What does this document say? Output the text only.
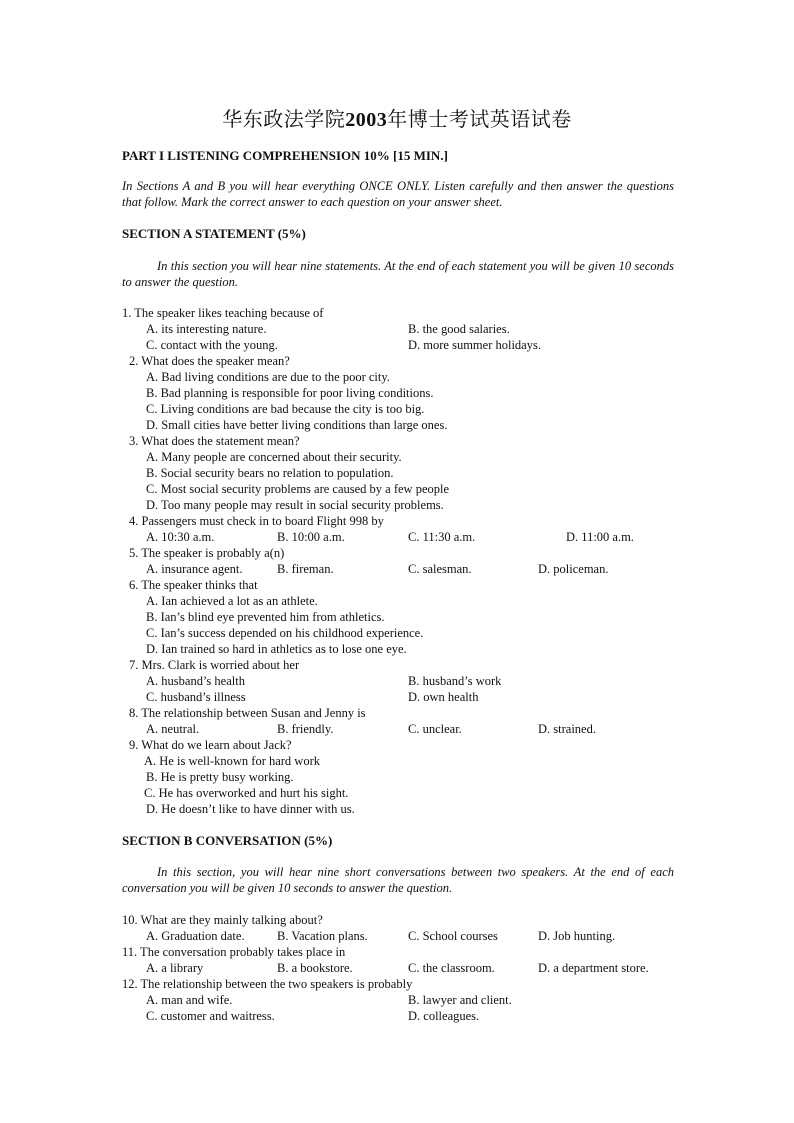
华东政法学院2003年博士考试英语试卷
PART I LISTENING COMPREHENSION 10% [15 MIN.]
In Sections A and B you will hear everything ONCE ONLY. Listen carefully and then answer the questions that follow. Mark the correct answer to each question on your answer sheet.
SECTION A STATEMENT (5%)
In this section you will hear nine statements. At the end of each statement you will be given 10 seconds to answer the question.
1. The speaker likes teaching because of
A. its interesting nature.	B. the good salaries.
C. contact with the young.	D. more summer holidays.
2. What does the speaker mean?
A. Bad living conditions are due to the poor city.
B. Bad planning is responsible for poor living conditions.
C. Living conditions are bad because the city is too big.
D. Small cities have better living conditions than large ones.
3. What does the statement mean?
A. Many people are concerned about their security.
B. Social security bears no relation to population.
C. Most social security problems are caused by a few people
D. Too many people may result in social security problems.
4. Passengers must check in to board Flight 998 by
A. 10:30 a.m.	B. 10:00 a.m.	C. 11:30 a.m.	D. 11:00 a.m.
5. The speaker is probably a(n)
A. insurance agent.	B. fireman.	C. salesman.	D. policeman.
6. The speaker thinks that
A. Ian achieved a lot as an athlete.
B. Ian’s blind eye prevented him from athletics.
C. Ian’s success depended on his childhood experience.
D. Ian trained so hard in athletics as to lose one eye.
7. Mrs. Clark is worried about her
A. husband’s health	B. husband’s work
C. husband’s illness	D. own health
8. The relationship between Susan and Jenny is
A. neutral.	B. friendly.	C. unclear.	D. strained.
9. What do we learn about Jack?
A. He is well-known for hard work
B. He is pretty busy working.
C. He has overworked and hurt his sight.
D. He doesn’t like to have dinner with us.
SECTION B CONVERSATION (5%)
In this section, you will hear nine short conversations between two speakers. At the end of each conversation you will be given 10 seconds to answer the question.
10. What are they mainly talking about?
A. Graduation date.	B. Vacation plans.	C. School courses	D. Job hunting.
11. The conversation probably takes place in
A. a library	B. a bookstore.	C. the classroom.	D. a department store.
12. The relationship between the two speakers is probably
A. man and wife.	B. lawyer and client.
C. customer and waitress.	D. colleagues.
